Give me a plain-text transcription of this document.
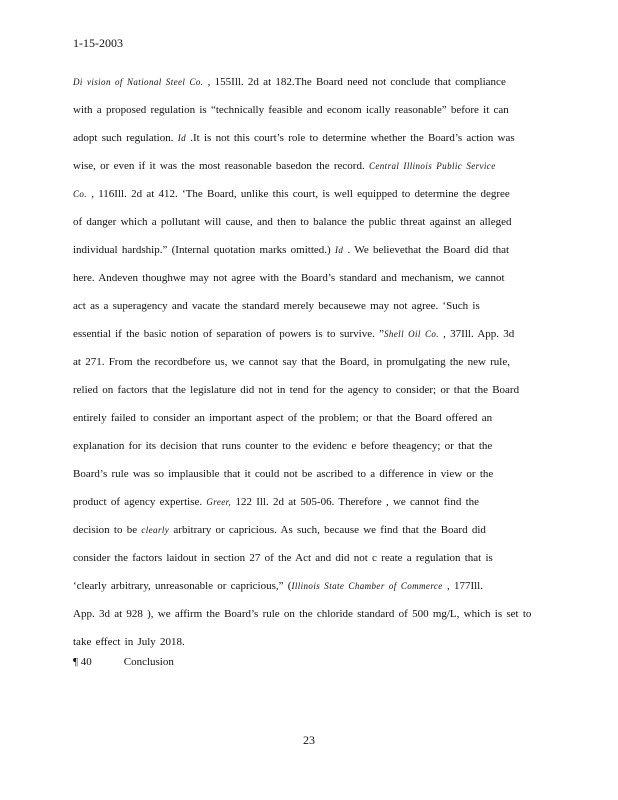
1-15-2003
Di vision of National Steel Co. , 155Ill. 2d at 182.The Board need not conclude that compliance
with a proposed regulation is “technically feasible and econom ically reasonable” before it can
adopt such regulation. Id .It is not this court’s role to determine whether the Board’s action was
wise, or even if it was the most reasonable basedon the record. Central Illinois Public Service
Co. , 116Ill. 2d at 412. ‘The Board, unlike this court, is well equipped to determine the degree
of danger which a pollutant will cause, and then to balance the public threat against an alleged
individual hardship.” (Internal quotation marks omitted.) Id . We believethat the Board did that
here. Andeven thoughwe may not agree with the Board’s standard and mechanism, we cannot
act as a superagency and vacate the standard merely becausewe may not agree. ‘Such is
essential if the basic notion of separation of powers is to survive. ”Shell Oil Co. , 37Ill. App. 3d
at 271. From the recordbefore us, we cannot say that the Board, in promulgating the new rule,
relied on factors that the legislature did not in tend for the agency to consider; or that the Board
entirely failed to consider an important aspect of the problem; or that the Board offered an
explanation for its decision that runs counter to the evidenc e before theagency; or that the
Board’s rule was so implausible that it could not be ascribed to a difference in view or the
product of agency expertise. Greer, 122 Ill. 2d at 505-06. Therefore , we cannot find the
decision to be clearly arbitrary or capricious. As such, because we find that the Board did
consider the factors laidout in section 27 of the Act and did not c reate a regulation that is
‘clearly arbitrary, unreasonable or capricious,” (Illinois State Chamber of Commerce , 177Ill.
App. 3d at 928 ), we affirm the Board’s rule on the chloride standard of 500 mg/L, which is set to
take effect in July 2018.
¶ 40	Conclusion
23
